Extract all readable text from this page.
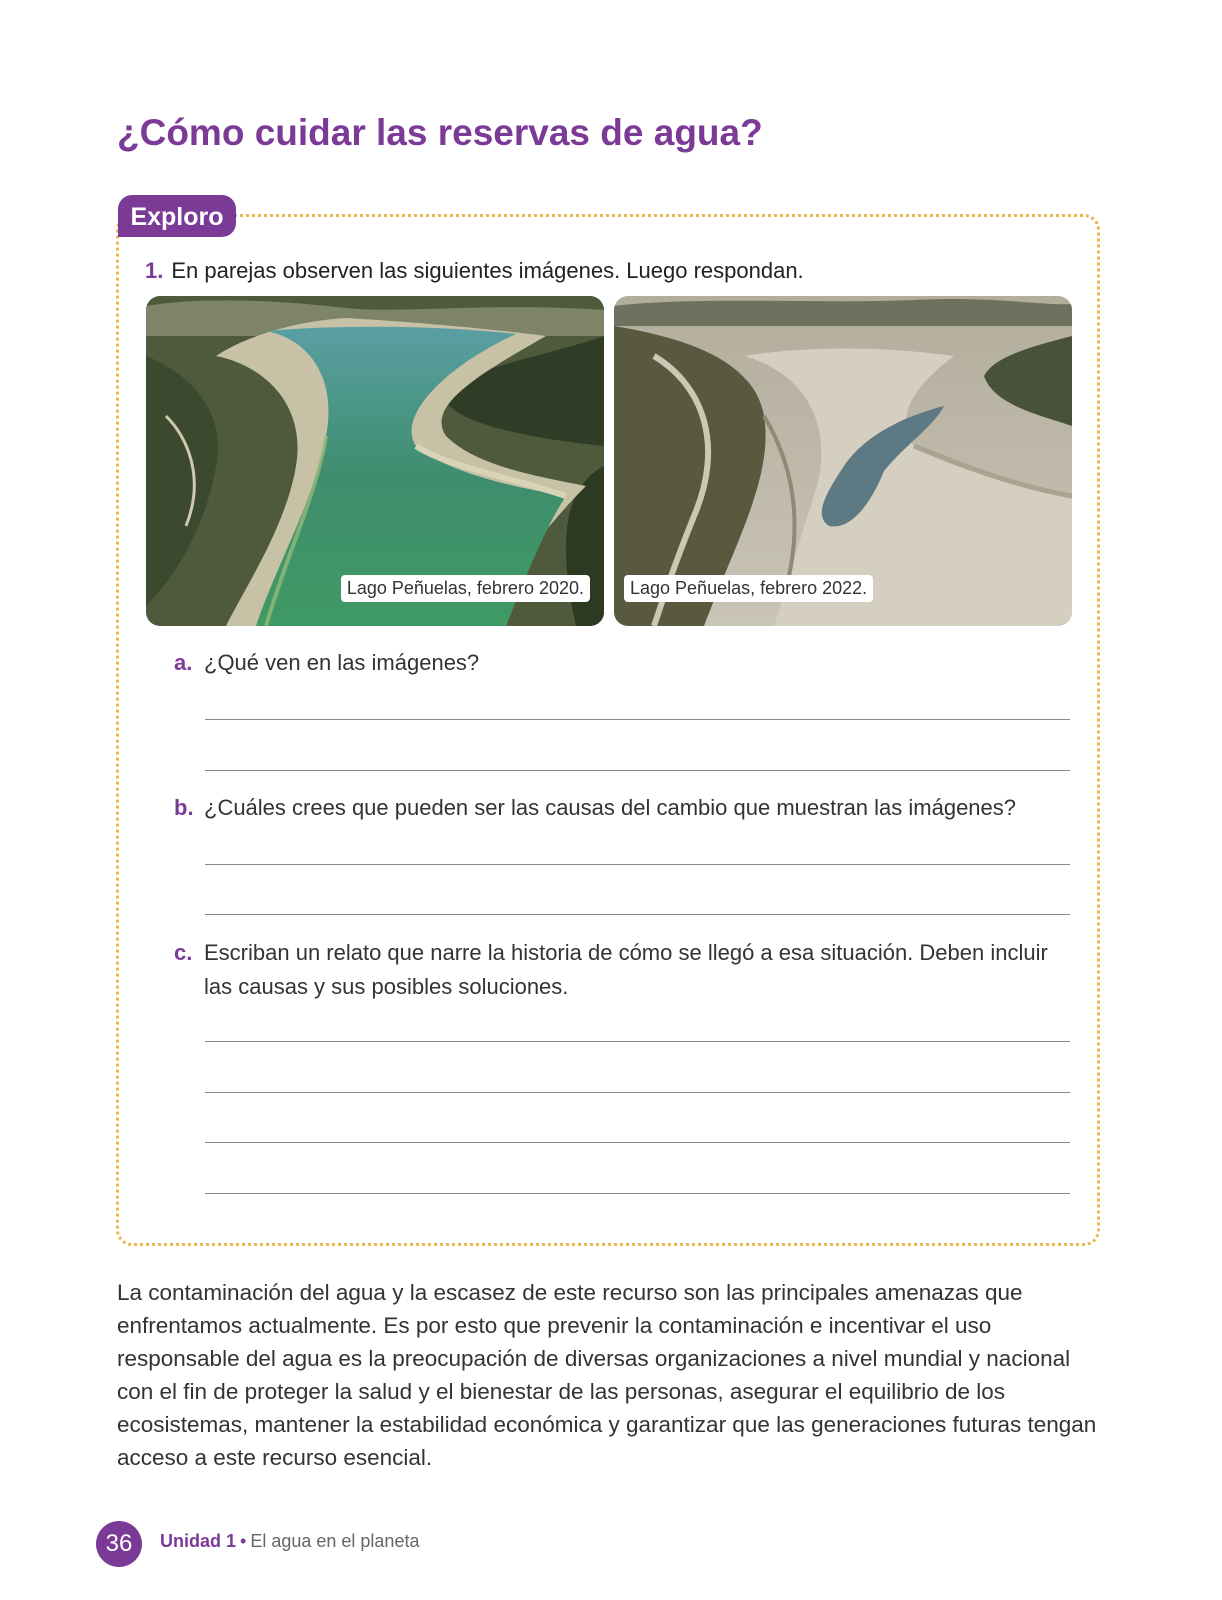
¿Cómo cuidar las reservas de agua?
Exploro
1. En parejas observen las siguientes imágenes. Luego respondan.
Lago Peñuelas, febrero 2020.	Lago Peñuelas, febrero 2022.
a. ¿Qué ven en las imágenes?
b. ¿Cuáles crees que pueden ser las causas del cambio que muestran las imágenes?
c. Escriban un relato que narre la historia de cómo se llegó a esa situación. Deben incluir las causas y sus posibles soluciones.

La contaminación del agua y la escasez de este recurso son las principales amenazas que enfrentamos actualmente. Es por esto que prevenir la contaminación e incentivar el uso responsable del agua es la preocupación de diversas organizaciones a nivel mundial y nacional con el fin de proteger la salud y el bienestar de las personas, asegurar el equilibrio de los ecosistemas, mantener la estabilidad económica y garantizar que las generaciones futuras tengan acceso a este recurso esencial.

36	Unidad 1 • El agua en el planeta
